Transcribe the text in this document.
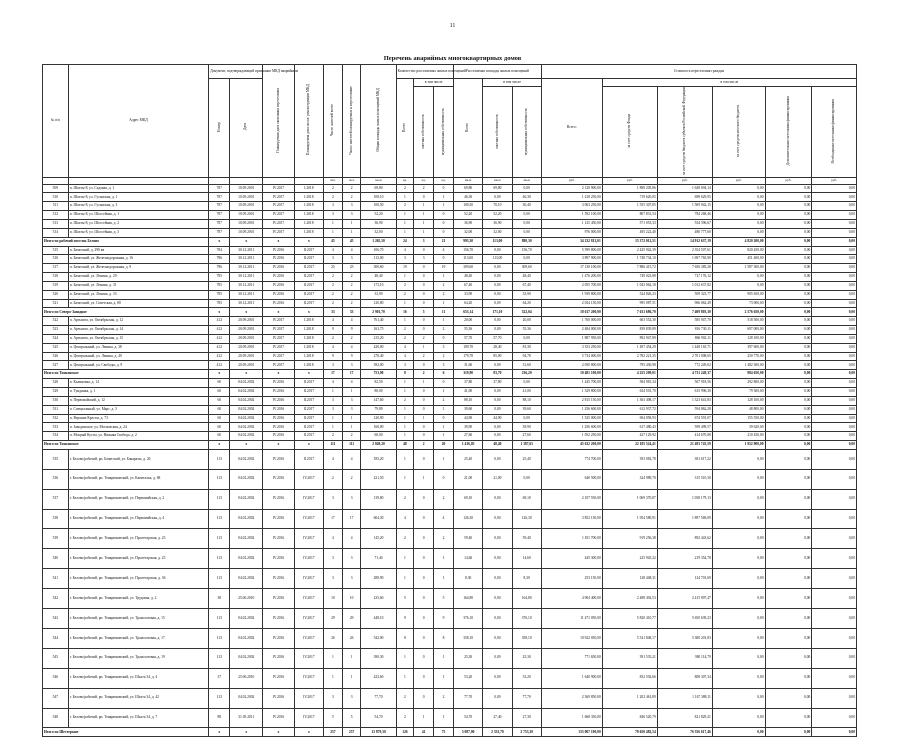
11
Перечень аварийных многоквартирных домов
№ п/п	Адрес МКД	Документ, подтверждающий признание МКД аварийным		Планируемая дата окончания переселения	Планируемая дата сноса/ реконструкции МКД	Число жителей всего	Число жителей планируемых к переселению	Общая площадь жилых помещений МКД	Количество расселяемых жилых помещений			Расселяемая площадь жилых помещений			Стоимость переселения граждан					
		Номер	Дата						Всего	в том числе		Всего	в том числе		Всего:	в том числе				
										частная собственность	муниципальная собственность		частная собственность	муниципальная собственность		за счет средств Фонда	за счет средств бюджета субъекта Российской Федерации	за счет средств местного бюджета	Дополнительные источники финансирования	Необходимые источники финансирования
						чел.	чел.	кв.м	ед.	ед.	ед.	кв.м	кв.м	кв.м	руб.	руб.	руб.	руб.	руб.	руб.
509	п. Шахты-8, ул. Садовая, д. 1	787	10.09.2001	IV.2017	I.2018	2	2	69,80	2	2	0	69,80	69,80	0,00	2 120 900,00	1 890 205,86	1 648 694,14	0,00	0,00	0,00
510	п. Шахты-8, ул. Гусинская, д. 1	787	10.09.2001	IV.2017	I.2018	2	2	108,10	1	0	1	46,30	0,00	46,30	1 418 250,00	719 620,05	698 629,95	0,00	0,00	0,00
511	п. Шахты-8, ул. Гусинская, д. 3	787	10.09.2001	IV.2017	I.2018	3	3	100,50	2	1	1	100,50	70,10	30,40	3 063 250,00	1 555 307,85	1 509 942,15	0,00	0,00	0,00
512	п. Шахты-8, ул. Шоссейная, д. 1	787	10.09.2001	IV.2017	I.2018	3	3	52,20	1	1	0	52,20	52,20	0,00	1 592 100,00	807 831,54	784 268,46	0,00	0,00	0,00
513	п. Шахты-8, ул. Шоссейная, д. 2	787	10.09.2001	IV.2017	I.2018	1	1	36,90	1	1	0	36,90	36,90	0,00	1 125 450,00	571 053,33	554 396,67	0,00	0,00	0,00
514	п. Шахты-8, ул. Шоссейная, д. 3	787	10.09.2001	IV.2017	I.2018	1	1	32,00	1	1	0	32,00	32,00	0,00	976 000,00	495 222,40	480 777,60	0,00	0,00	0,00
Итого по рабочий поселок Белово		x	x	x	x	45	45	1 265,50	24	3	21	993,30	113,00	880,30	34 232 812,01	15 372 012,51	14 912 637,19	4 820 200,00	0,00	0,00
515	п. Бачатский, д. 290 кв	784	30.12.2011	IV.2016	II.2017	4	4	106,70	4	0	4	156,70	0,00	156,70	5 599 800,00	2 425 942,39	2 354 507,61	820 450,00	0,00	0,00
516	п. Бачатский, ул. Железнодорожная, д. 16	786	30.12.2011	IV.2016	II.2017	3	3	113,00	3	3	0	113,00	113,00	0,00	3 897 900,00	1 748 734,10	1 697 765,90	451 400,00	0,00	0,00
517	п. Бачатский, ул. Железнодорожная, д. 9	786	30.12.2011	IV.2016	II.2017	25	25	300,60	19	0	19	309,60	0,00	309,60	17 130 100,00	7 886 415,72	7 656 385,28	1 587 300,00	0,00	0,00
518	п. Бачатский, ул. Ленина, д. 29	785	30.12.2011	IV.2016	II.2017	2	2	48,40	1	0	1	48,40	0,00	48,40	1 476 200,00	749 023,88	727 176,12	0,00	0,00	0,00
519	п. Бачатский, ул. Ленина, д. 31	785	30.12.2011	IV.2016	II.2017	2	2	173,10	2	0	2	67,40	0,00	67,40	2 055 700,00	1 043 062,18	1 012 637,82	0,00	0,00	0,00
520	п. Бачатский, ул. Ленина, д. 33	785	30.12.2011	IV.2016	II.2017	2	2	33,90	2	0	2	33,90	0,00	33,90	1 939 800,00	524 826,23	509 323,77	905 650,00	0,00	0,00
521	п. Бачатский, ул. Советская, д. 80	785	30.12.2011	IV.2016	II.2017	2	2	120,80	1	0	1	64,20	0,00	64,20	2 034 150,00	995 087,51	966 062,49	73 000,00	0,00	0,00
Итого по Северо-Западное		x	x	x	x	33	33	2 901,70	16	5	11	653,14	171,10	522,04	18 617 200,00	7 631 686,70	7 409 803,30	2 576 650,00	0,00	0,00
522	п. Артышта, ул. Октябрьская, д. 12	412	20.09.2001	IV.2017	I.2018	4	4	761,40	1	0	1	20,00	0,00	20,00	1 760 000,00	603 552,30	585 947,70	518 500,00	0,00	0,00
523	п. Артышта, ул. Октябрьская, д. 14	412	20.09.2001	IV.2017	I.2018	9	9	163,75	2	0	2	55,36	0,00	55,36	2 484 000,00	839 839,89	816 730,11	697 000,00	0,00	0,00
524	п. Артышта, ул. Октябрьская, д. 15	412	20.09.2001	IV.2017	I.2018	2	2	215,20	2	2	0	57,70	57,70	0,00	1 887 950,00	892 947,89	866 902,11	128 100,00	0,00	0,00
525	п. Центральный, ул. Ленина, д. 38	412	20.09.2001	IV.2017	I.2018	4	4	420,00	4	1	3	109,70	28,40	81,30	3 353 250,00	1 497 454,29	1 448 165,71	397 600,00	0,00	0,00
526	п. Центральный, ул. Ленина, д. 40	412	20.09.2001	IV.2017	I.2018	9	9	278,40	4	2	2	179,78	85,00	94,78	5 734 000,00	2 782 221,35	2 701 008,65	250 770,00	0,00	0,00
527	п. Центральный, ул. Свободы, д. 9	412	20.09.2001	IV.2017	I.2018	3	3	392,00	3	0	3	31,60	0,00	31,60	2 050 800,00	795 430,98	772 249,02	1 482 300,00	0,00	0,00
Итого по Тонкинское		x	x	x	x	17	17	753,90	8	2	6	319,90	83,70	236,20	10 481 100,00	4 255 209,01	4 731 249,37	984 650,00	0,00	0,00
528	п. Калиновка, д. 14	60	04.02.2002	IV.2016	II.2017	4	4	82,50	1	1	0	37,80	37,80	0,00	1 445 700,00	584 981,34	567 918,56	292 800,00	0,00	0,00
529	п. Тундинка, д. 1	60	04.02.2002	IV.2016	II.2017	1	1	80,00	1	0	1	41,00	0,00	41,00	1 329 800,00	634 501,70	615 996,30	79 300,00	0,00	0,00
530	п. Первомайский, д. 12	60	04.02.2002	IV.2016	II.2017	3	3	147,60	2	0	2	88,10	0,00	88,10	2 815 150,00	1 363 408,17	1 323 641,83	128 100,00	0,00	0,00
531	п. Специальный, ул. Марс, д. 5	60	04.02.2002	IV.2016	II.2017	3	3	79,80	1	0	1	39,60	0,00	39,60	1 256 600,00	612 937,72	594 862,28	48 800,00	0,00	0,00
532	п. Верхние Кресты, д. 73	60	04.02.2002	IV.2016	II.2017	1	1	120,90	1	1	0	44,90	44,90	0,00	1 525 000,00	694 858,93	674 591,07	155 550,00	0,00	0,00
533	п. Заводинское, ул. Московская, д. 24	60	04.02.2002	IV.2016	II.2017	1	1	160,00	1	0	1	39,90	0,00	39,90	1 256 600,00	617 480,43	599 499,57	39 620,00	0,00	0,00
534	п. Мохрый Кусты, ул. Нижняя Свобода, д. 2	60	04.02.2002	IV.2016	II.2017	2	2	60,00	1	0	1	27,60	0,00	27,60	1 052 250,00	427 129,92	414 670,08	210 450,00	0,00	0,00
Итого по Тонкинское		x	x	x	x	111	111	2 849,20	48	2	20	1 436,05	48,40	1 387,65	45 632 200,00	22 185 524,41	21 493 743,59	1 952 900,00	0,00	0,00
535	г. Белово/рабочий, рп. Бачатский, ул. Бакаралы, д. 26	113	04.02.2002	IV.2016	II.2017	4	4	185,20	1	0	1	25,40	0,00	25,40	774 700,00	393 082,78	381 617,22	0,00	0,00	0,00
536	г. Белово/рабочий, рп. Тенкрюковский, ул. Капиталка, д. 68	113	04.02.2002	IV.2016	IV.2017	2	2	221,50	1	1	0	21,00	21,00	0,00	640 500,00	324 989,70	315 510,30	0,00	0,00	0,00
537	г. Белово/рабочий, рп. Тенкрюковский, ул. Первомайская, д. 2	113	04.02.2002	IV.2016	IV.2017	3	3	139,80	2	0	2	69,10	0,00	69,10	2 107 550,00	1 069 370,87	1 038 179,13	0,00	0,00	0,00
538	г. Белово/рабочий, рп. Тенкрюковский, ул. Первомайская, д. 4	113	04.02.2002	IV.2016	IV.2017	17	17	604,30	4	0	4	126,30	0,00	126,30	3 852 150,00	1 954 580,91	1 897 569,09	0,00	0,00	0,00
539	г. Белово/рабочий, рп. Тенкрюковский, ул. Пролетарская, д. 23	113	04.02.2002	IV.2016	IV.2017	4	4	145,20	2	0	2	59,40	0,00	59,40	1 811 700,00	919 256,38	892 443,62	0,00	0,00	0,00
540	г. Белово/рабочий, рп. Тенкрюковский, ул. Пролетарская, д. 25	113	04.02.2002	IV.2016	IV.2017	3	3	71,40	1	0	1	14,60	0,00	14,60	445 300,00	225 945,22	219 354,78	0,00	0,00	0,00
541	г. Белово/рабочий, рп. Тенкрюковский, ул. Пролетарская, д. 36	113	04.02.2002	IV.2016	IV.2017	3	3	288,90	1	0	1	8,30	0,00	8,30	253 150,00	128 448,31	124 701,69	0,00	0,00	0,00
542	г. Белово/рабочий, рп. Тенкрюковский, ул. Трудовая, д. 2	38	25.06.2010	IV.2016	IV.2017	10	10	235,60	5	0	5	164,80	0,00	164,80	4 904 400,00	2 488 492,53	2 415 907,47	0,00	0,00	0,00
543	г. Белово/рабочий, рп. Тенкрюковский, ул. Трансхозовая, д. 15	113	04.02.2002	IV.2016	IV.2017	29	29	448,10	9	0	9	376,10	0,00	376,10	11 471 050,00	5 820 410,77	5 650 639,23	0,00	0,00	0,00
544	г. Белово/рабочий, рп. Тенкрюковский, ул. Трансхозовая, д. 17	113	04.02.2002	IV.2016	IV.2017	26	26	542,90	8	0	8	358,10	0,00	358,10	10 922 050,00	5 541 848,17	5 380 201,83	0,00	0,00	0,00
545	г. Белово/рабочий, рп. Тенкрюковский, ул. Трансхозовая, д. 19	113	04.02.2002	IV.2016	IV.2017	1	1	390,30	1	0	1	25,30	0,00	25,30	771 650,00	391 535,21	380 114,79	0,00	0,00	0,00
546	г. Белово/рабочий, рп. Тенкрюковский, ул. Шахта 34, д. 4	37	25.06.2010	IV.2016	IV.2017	1	1	423,60	1	0	1	53,20	0,00	53,20	1 640 900,00	832 592,66	808 307,34	0,00	0,00	0,00
547	г. Белово/рабочий, рп. Тенкрюковский, ул. Шахта 34, д. 42	113	04.02.2002	IV.2016	IV.2017	3	3	77,70	2	0	2	77,70	0,00	77,70	2 369 850,00	1 202 461,89	1 167 388,11	0,00	0,00	0,00
548	г. Белово/рабочий, рп. Тенкрюковский, ул. Шахта 34, д. 7	88	31.05.2011	IV.2016	IV.2017	5	5	54,70	2	1	1	54,70	27,40	27,30	1 668 350,00	846 520,79	821 829,21	0,00	0,00	0,00
Итого по Шестерыне		x	x	x	x	257	257	13 879,30	126	41	75	5 087,00	2 333,70	2 753,30	155 007 100,00	78 650 482,54	76 356 617,46	0,00	0,00	0,00
